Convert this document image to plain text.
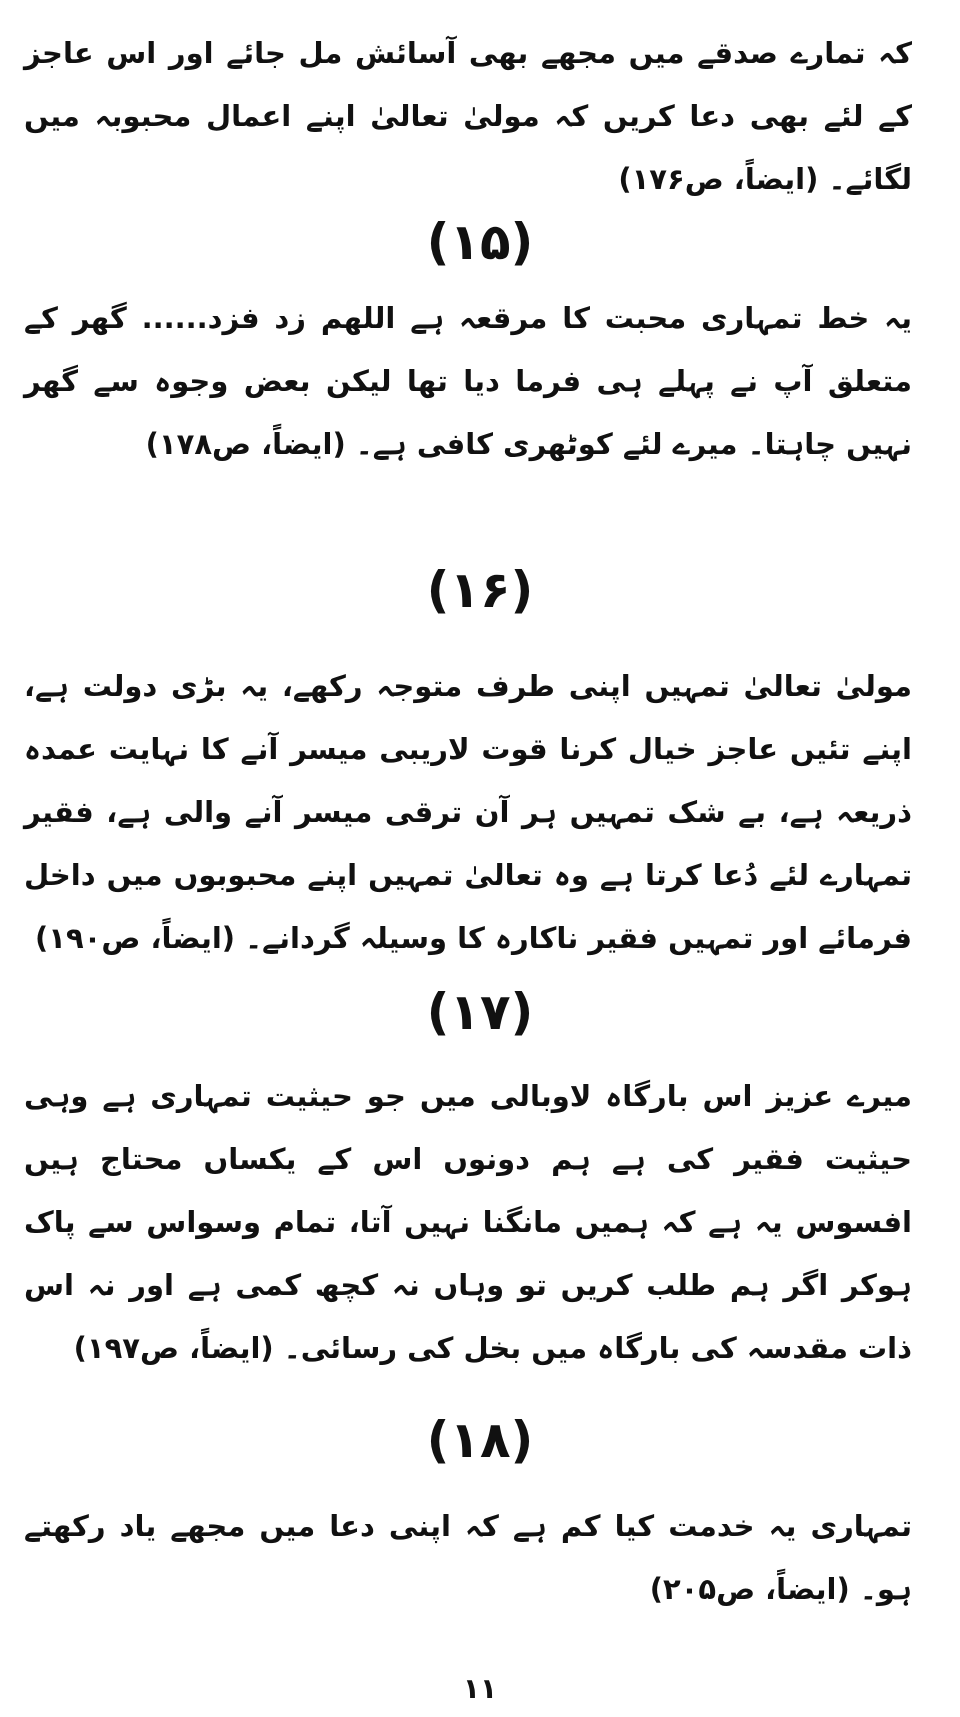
کہ تمارے صدقے میں مجھے بھی آسائش مل جائے اور اس عاجز کے لئے بھی دعا کریں کہ مولیٰ تعالیٰ اپنے اعمال محبوبہ میں لگائے۔ (ایضاً، ص۱۷۶)

(۱۵)

یہ خط تمہاری محبت کا مرقعہ ہے اللھم زد فزد...... گھر کے متعلق آپ نے پہلے ہی فرما دیا تھا لیکن بعض وجوہ سے گھر نہیں چاہتا۔ میرے لئے کوٹھری کافی ہے۔ (ایضاً، ص۱۷۸)

(۱۶)

مولیٰ تعالیٰ تمہیں اپنی طرف متوجہ رکھے، یہ بڑی دولت ہے، اپنے تئیں عاجز خیال کرنا قوت لاریبی میسر آنے کا نہایت عمدہ ذریعہ ہے، بے شک تمہیں ہر آن ترقی میسر آنے والی ہے، فقیر تمہارے لئے دُعا کرتا ہے وہ تعالیٰ تمہیں اپنے محبوبوں میں داخل فرمائے اور تمہیں فقیر ناکارہ کا وسیلہ گردانے۔ (ایضاً، ص۱۹۰)

(۱۷)

میرے عزیز اس بارگاہ لاوبالی میں جو حیثیت تمہاری ہے وہی حیثیت فقیر کی ہے ہم دونوں اس کے یکساں محتاج ہیں افسوس یہ ہے کہ ہمیں مانگنا نہیں آتا، تمام وسواس سے پاک ہوکر اگر ہم طلب کریں تو وہاں نہ کچھ کمی ہے اور نہ اس ذات مقدسہ کی بارگاہ میں بخل کی رسائی۔ (ایضاً، ص۱۹۷)

(۱۸)

تمہاری یہ خدمت کیا کم ہے کہ اپنی دعا میں مجھے یاد رکھتے ہو۔ (ایضاً، ص۲۰۵)

۱۱
